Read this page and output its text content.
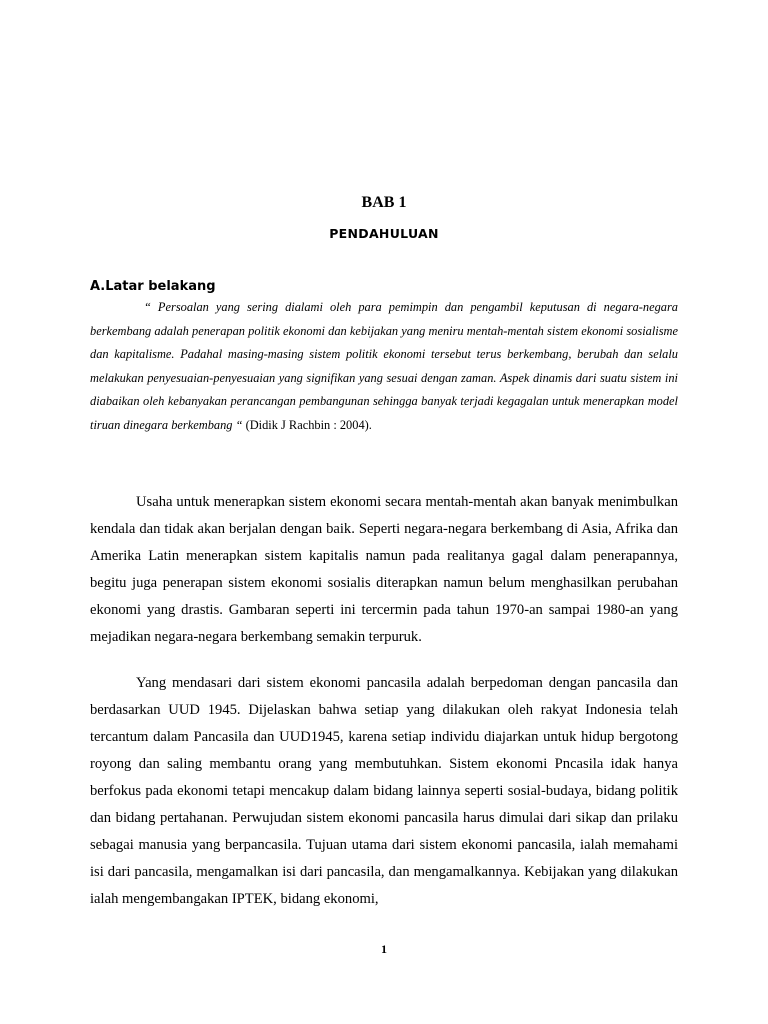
BAB 1
PENDAHULUAN
A.Latar belakang

“ Persoalan yang sering dialami oleh para pemimpin dan pengambil keputusan di negara-negara berkembang adalah penerapan politik ekonomi dan kebijakan yang meniru mentah-mentah sistem ekonomi sosialisme dan kapitalisme. Padahal masing-masing sistem politik ekonomi tersebut terus berkembang, berubah dan selalu melakukan penyesuaian-penyesuaian yang signifikan yang sesuai dengan zaman. Aspek dinamis dari suatu sistem ini diabaikan oleh kebanyakan perancangan pembangunan sehingga banyak terjadi kegagalan untuk menerapkan model tiruan dinegara berkembang “ (Didik J Rachbin : 2004).

Usaha untuk menerapkan sistem ekonomi secara mentah-mentah akan banyak menimbulkan kendala dan tidak akan berjalan dengan baik. Seperti negara-negara berkembang di Asia, Afrika dan Amerika Latin menerapkan sistem kapitalis namun pada realitanya gagal dalam penerapannya, begitu juga penerapan sistem ekonomi sosialis diterapkan namun belum menghasilkan perubahan ekonomi yang drastis. Gambaran seperti ini tercermin pada tahun 1970-an sampai 1980-an yang mejadikan negara-negara berkembang semakin terpuruk.

Yang mendasari dari sistem ekonomi pancasila adalah berpedoman dengan pancasila dan berdasarkan UUD 1945. Dijelaskan bahwa setiap yang dilakukan oleh rakyat Indonesia telah tercantum dalam Pancasila dan UUD1945, karena setiap individu diajarkan untuk hidup bergotong royong dan saling membantu orang yang membutuhkan. Sistem ekonomi Pncasila idak hanya berfokus pada ekonomi tetapi mencakup dalam bidang lainnya seperti sosial-budaya, bidang politik dan bidang pertahanan. Perwujudan sistem ekonomi pancasila harus dimulai dari sikap dan prilaku sebagai manusia yang berpancasila. Tujuan utama dari sistem ekonomi pancasila, ialah memahami isi dari pancasila, mengamalkan isi dari pancasila, dan mengamalkannya. Kebijakan yang dilakukan ialah mengembangakan IPTEK, bidang ekonomi,

1
